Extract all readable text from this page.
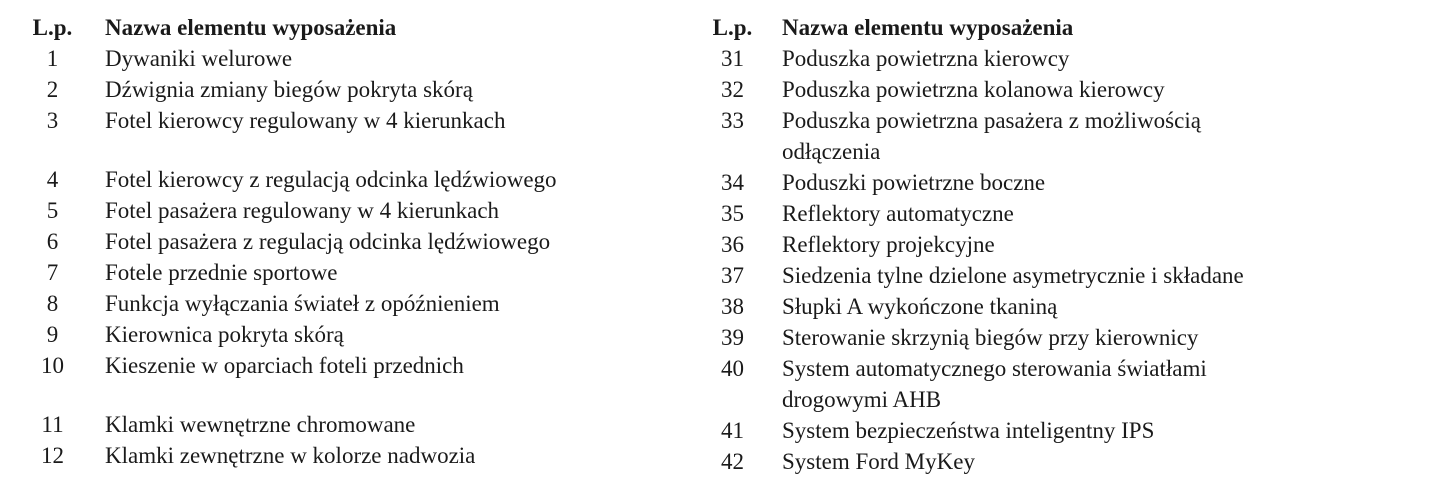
L.p.	Nazwa elementu wyposażenia
1	Dywaniki welurowe
2	Dźwignia zmiany biegów pokryta skórą
3	Fotel kierowcy regulowany w 4 kierunkach
4	Fotel kierowcy z regulacją odcinka lędźwiowego
5	Fotel pasażera regulowany w 4 kierunkach
6	Fotel pasażera z regulacją odcinka lędźwiowego
7	Fotele przednie sportowe
8	Funkcja wyłączania świateł z opóźnieniem
9	Kierownica pokryta skórą
10	Kieszenie w oparciach foteli przednich
11	Klamki wewnętrzne chromowane
12	Klamki zewnętrzne w kolorze nadwozia
L.p.	Nazwa elementu wyposażenia
31	Poduszka powietrzna kierowcy
32	Poduszka powietrzna kolanowa kierowcy
33	Poduszka powietrzna pasażera z możliwością
odłączenia
34	Poduszki powietrzne boczne
35	Reflektory automatyczne
36	Reflektory projekcyjne
37	Siedzenia tylne dzielone asymetrycznie i składane
38	Słupki A wykończone tkaniną
39	Sterowanie skrzynią biegów przy kierownicy
40	System automatycznego sterowania światłami
drogowymi AHB
41	System bezpieczeństwa inteligentny IPS
42	System Ford MyKey
